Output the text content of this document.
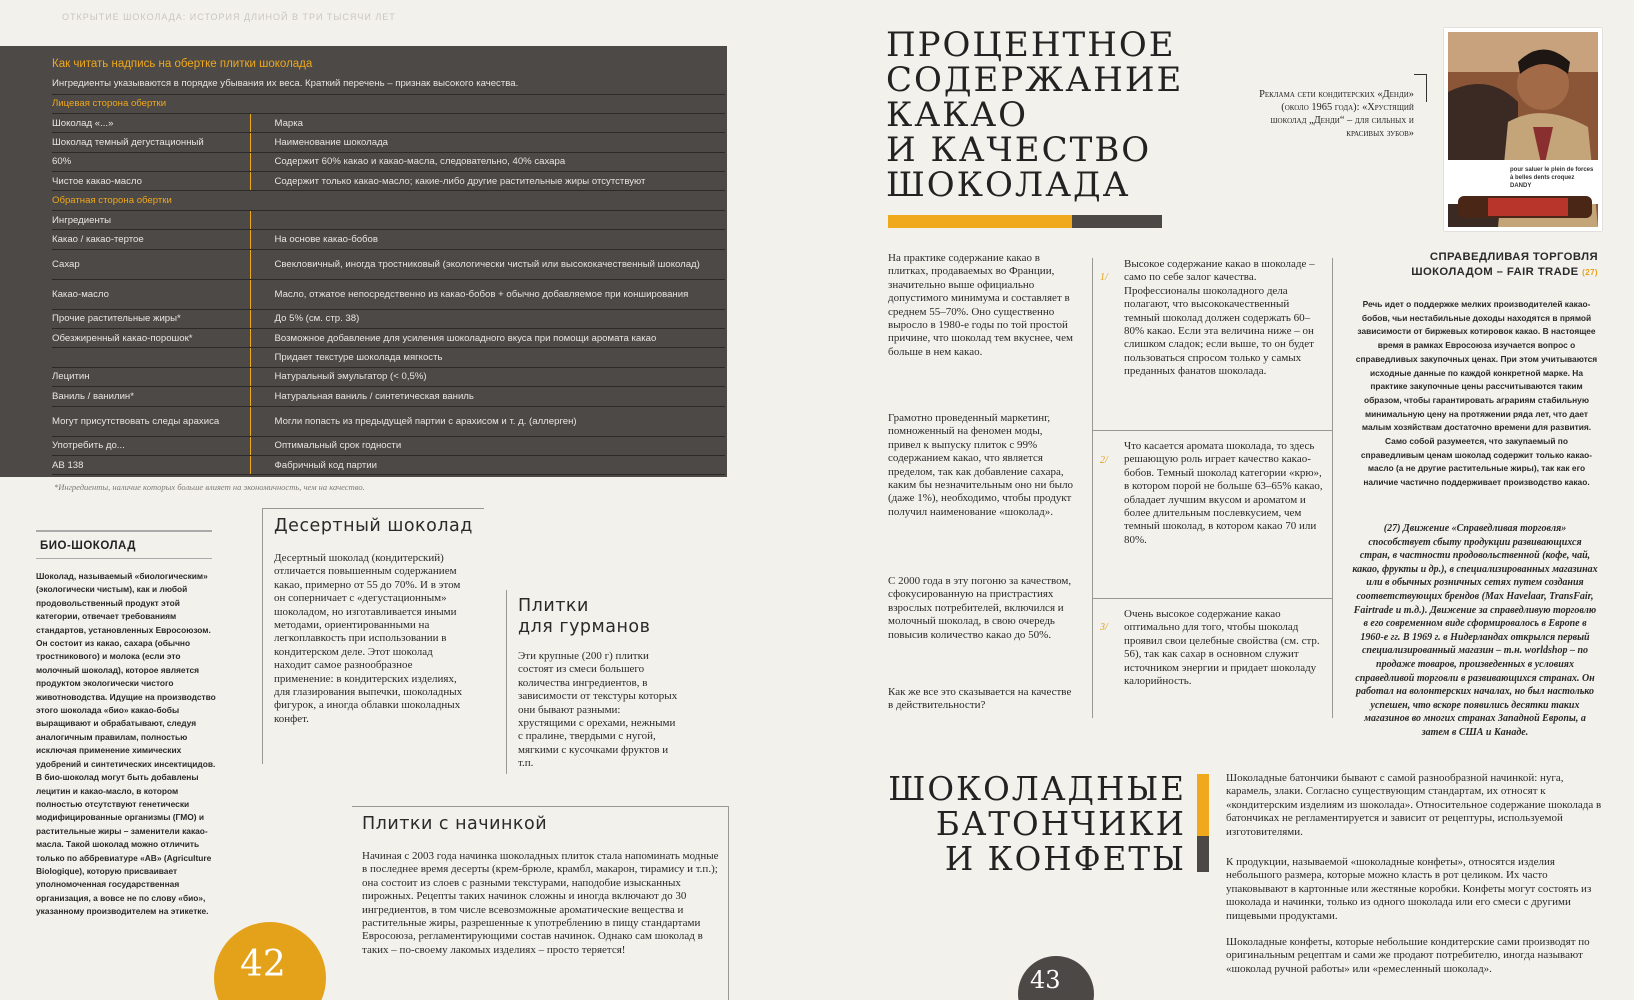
ОТКРЫТИЕ ШОКОЛАДА: ИСТОРИЯ ДЛИНОЙ В ТРИ ТЫСЯЧИ ЛЕТ
Как читать надпись на обертке плитки шоколада
Ингредиенты указываются в порядке убывания их веса. Краткий перечень – признак высокого качества.	
Лицевая сторона обертки	
Шоколад «...»	Марка
Шоколад темный дегустационный	Наименование шоколада
60%	Содержит 60% какао и какао-масла, следовательно, 40% сахара
Чистое какао-масло	Содержит только какао-масло; какие-либо другие растительные жиры отсутствуют
Обратная сторона обертки	
Ингредиенты	
Какао / какао-тертое	На основе какао-бобов
Сахар	Свекловичный, иногда тростниковый (экологически чистый или высококачественный шоколад)
Какао-масло	Масло, отжатое непосредственно из какао-бобов + обычно добавляемое при конширования
Прочие растительные жиры*	До 5% (см. стр. 38)
Обезжиренный какао-порошок*	Возможное добавление для усиления шоколадного вкуса при помощи аромата какао
	Придает текстуре шоколада мягкость
Лецитин	Натуральный эмульгатор (< 0,5%)
Ваниль / ванилин*	Натуральная ваниль / синтетическая ваниль
Могут присутствовать следы арахиса	Могли попасть из предыдущей партии с арахисом и т. д. (аллерген)
Употребить до...	Оптимальный срок годности
AB 138	Фабричный код партии
*Ингредиенты, наличие которых больше влияет на экономичность, чем на качество.
БИО-ШОКОЛАД
Шоколад, называемый «биологическим» (экологически чистым), как и любой продовольственный продукт этой категории, отвечает требованиям стандартов, установленных Евросоюзом. Он состоит из какао, сахара (обычно тростникового) и молока (если это молочный шоколад), которое является продуктом экологически чистого животноводства. Идущие на производство этого шоколада «био» какао-бобы выращивают и обрабатывают, следуя аналогичным правилам, полностью исключая применение химических удобрений и синтетических инсектицидов. В био-шоколад могут быть добавлены лецитин и какао-масло, в котором полностью отсутствуют генетически модифицированные организмы (ГМО) и растительные жиры – заменители какао-масла. Такой шоколад можно отличить только по аббревиатуре «AB» (Agriculture Biologique), которую присваивает уполномоченная госудаpственная организация, а вовсе не по слову «био», указанному производителем на этикетке.
Десертный шоколад
Десертный шоколад (кондитерский) отличается повышенным содержанием какао, примерно от 55 до 70%. И в этом он соперничает с «дегустационным» шоколадом, но изготавливается иными методами, ориентированными на легкоплавкость при использовании в кондитерском деле. Этот шоколад находит самое разнообразное применение: в кондитерских изделиях, для глазирования выпечки, шоколадных фигурок, а иногда облавки шоколадных конфет.
Плитки
для гурманов
Эти крупные (200 г) плитки состоят из смеси большего количества ингредиентов, в зависимости от текстуры которых они бывают разными: хрустящими с орехами, нежными с пралине, твердыми с нугой, мягкими с кусочками фруктов и т.п.
Плитки с начинкой
Начиная с 2003 года начинка шоколадных плиток стала напоминать модные в последнее время десерты (крем-брюле, крамбл, макарон, тирамису и т.п.); она состоит из слоев с разными текстурами, наподобие изысканных пирожных. Рецепты таких начинок сложны и иногда включают до 30 ингредиентов, в том числе всевозможные ароматические вещества и растительные жиры, разрешенные к употреблению в пищу стандартами Евросоюза, регламентирующими состав начинок. Однако сам шоколад в таких – по-своему лакомых изделиях – просто теряется!
42
ПРОЦЕНТНОЕ
СОДЕРЖАНИЕ
КАКАО
И КАЧЕСТВО
ШОКОЛАДА
Реклама сети кондитерских «Денди» (около 1965 года): «Хрустящий шоколад „Денди“ – для сильных и красивых зубов»
pour saluer le plein de forces à belles dents croquez DANDY
На практике содержание какао в плитках, продаваемых во Франции, значительно выше официально допустимого минимума и составляет в среднем 55–70%. Оно существенно выросло в 1980-е годы по той простой причине, что шоколад тем вкуснее, чем больше в нем какао.
Грамотно проведенный маркетинг, помноженный на феномен моды, привел к выпуску плиток с 99% содержанием какао, что является пределом, так как добавление сахара, каким бы незначительным оно ни было (даже 1%), необходимо, чтобы продукт получил наименование «шоколад».
С 2000 года в эту погоню за качеством, сфокусированную на пристрастиях взрослых потребителей, включился и молочный шоколад, в свою очередь повысив количество какао до 50%.
Как же все это сказывается на качестве в действительности?
1/
Высокое содержание какао в шоколаде – само по себе залог качества. Профессионалы шоколадного дела полагают, что высококачественный темный шоколад должен содержать 60–80% какао. Если эта величина ниже – он слишком сладок; если выше, то он будет пользоваться спросом только у самых преданных фанатов шоколада.
2/
Что касается аромата шоколада, то здесь решающую роль играет качество какао-бобов. Темный шоколад категории «крю», в котором порой не больше 63–65% какао, обладает лучшим вкусом и ароматом и более длительным послевкусием, чем темный шоколад, в котором какао 70 или 80%.
3/
Очень высокое содержание какао оптимально для того, чтобы шоколад проявил свои целебные свойства (см. стр. 56), так как сахар в основном служит источником энергии и придает шоколаду калорийность.
СПРАВЕДЛИВАЯ ТОРГОВЛЯ ШОКОЛАДОМ – FAIR TRADE (27)
Речь идет о поддержке мелких производителей какао-бобов, чьи нестабильные доходы находятся в прямой зависимости от биржевых котировок какао. В настоящее время в рамках Евросоюза изучается вопрос о справедливых закупочных ценах. При этом учитываются исходные данные по каждой конкретной марке. На практике закупочные цены рассчитываются таким образом, чтобы гарантировать аграриям стабильную минимальную цену на протяжении ряда лет, что дает малым хозяйствам достаточно времени для развития. Само собой разумеется, что закупаемый по справедливым ценам шоколад содержит только какао-масло (а не другие растительные жиры), так как его наличие частично поддерживает производство какао.
(27) Движение «Справедливая торговля» способствует сбыту продукции развивающихся стран, в частности продовольственной (кофе, чай, какао, фрукты и др.), в специализированных магазинах или в обычных розничных сетях путем создания соответствующих брендов (Max Havelaar, TransFair, Fairtrade и т.д.). Движение за справедливую торговлю в его современном виде сформировалось в Европе в 1960-е гг. В 1969 г. в Нидерландах открылся первый специализированный магазин – т.н. worldshop – по продаже товаров, произведенных в условиях справедливой торговли в развивающихся странах. Он работал на волонтерских началах, но был настолько успешен, что вскоре появились десятки таких магазинов во многих странах Западной Европы, а затем в США и Канаде.
ШОКОЛАДНЫЕ
БАТОНЧИКИ
И КОНФЕТЫ
Шоколадные батончики бывают с самой разнообразной начинкой: нуга, карамель, злаки. Согласно существующим стандартам, их относят к «кондитерским изделиям из шоколада». Относительное содержание шоколада в батончиках не регламентируется и зависит от рецептуры, используемой изготовителями.
К продукции, называемой «шоколадные конфеты», относятся изделия небольшого размера, которые можно класть в рот целиком. Их часто упаковывают в картонные или жестяные коробки. Конфеты могут состоять из шоколада и начинки, только из одного шоколада или его смеси с другими пищевыми продуктами.
Шоколадные конфеты, которые небольшие кондитерские сами производят по оригинальным рецептам и сами же продают потребителю, иногда называют «шоколад ручной работы» или «ремесленный шоколад».
43
